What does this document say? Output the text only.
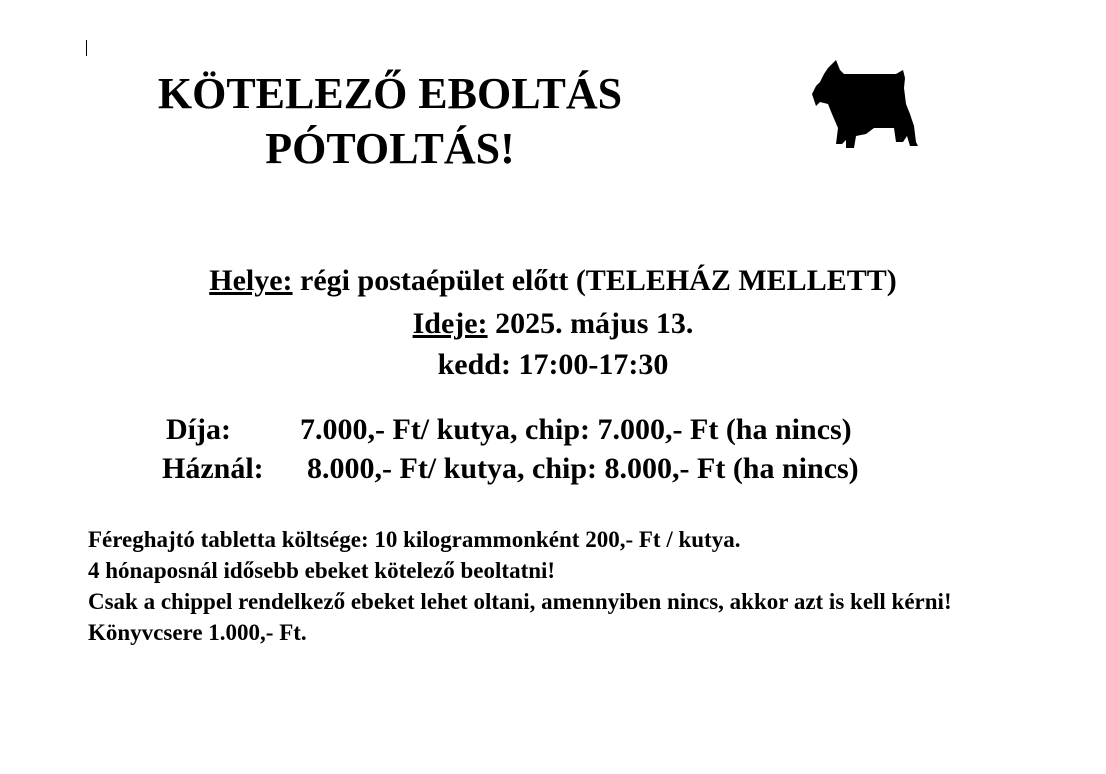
KÖTELEZŐ EBOLTÁS
PÓTOLTÁS!
Helye: régi postaépület előtt (TELEHÁZ MELLETT)
Ideje: 2025. május 13.
kedd: 17:00-17:30
Díja: 7.000,- Ft/ kutya, chip: 7.000,- Ft (ha nincs)
Háznál: 8.000,- Ft/ kutya, chip: 8.000,- Ft (ha nincs)

Féreghajtó tabletta költsége: 10 kilogrammonként 200,- Ft / kutya.

4 hónaposnál idősebb ebeket kötelező beoltatni!

Csak a chippel rendelkező ebeket lehet oltani, amennyiben nincs, akkor azt is kell kérni!

Könyvcsere 1.000,- Ft.
